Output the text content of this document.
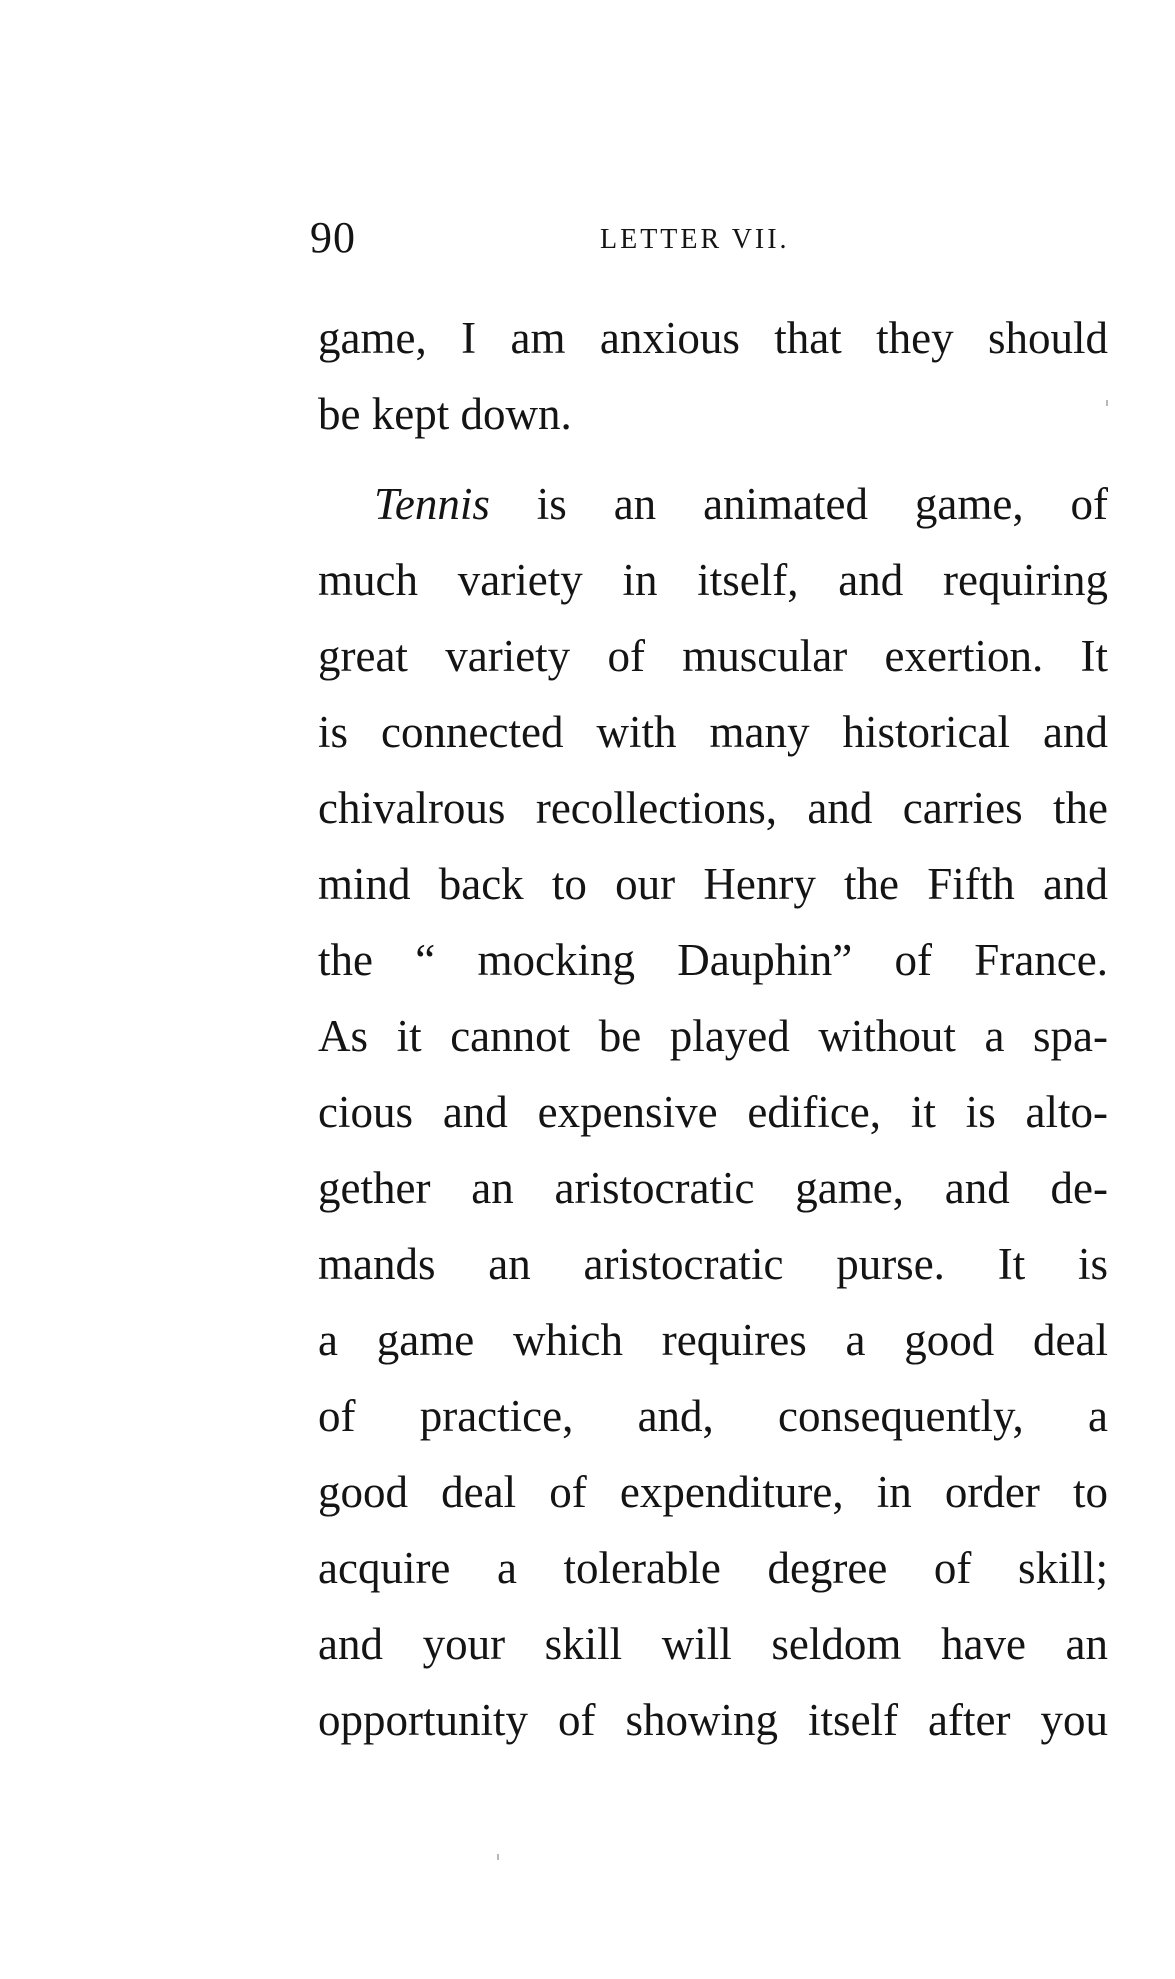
90	LETTER VII.
game, I am anxious that they should
be kept down.
Tennis is an animated game, of
much variety in itself, and requiring
great variety of muscular exertion. It
is connected with many historical and
chivalrous recollections, and carries the
mind back to our Henry the Fifth and
the “ mocking Dauphin” of France.
As it cannot be played without a spa-
cious and expensive edifice, it is alto-
gether an aristocratic game, and de-
mands an aristocratic purse. It is
a game which requires a good deal
of practice, and, consequently, a
good deal of expenditure, in order to
acquire a tolerable degree of skill;
and your skill will seldom have an
opportunity of showing itself after you
